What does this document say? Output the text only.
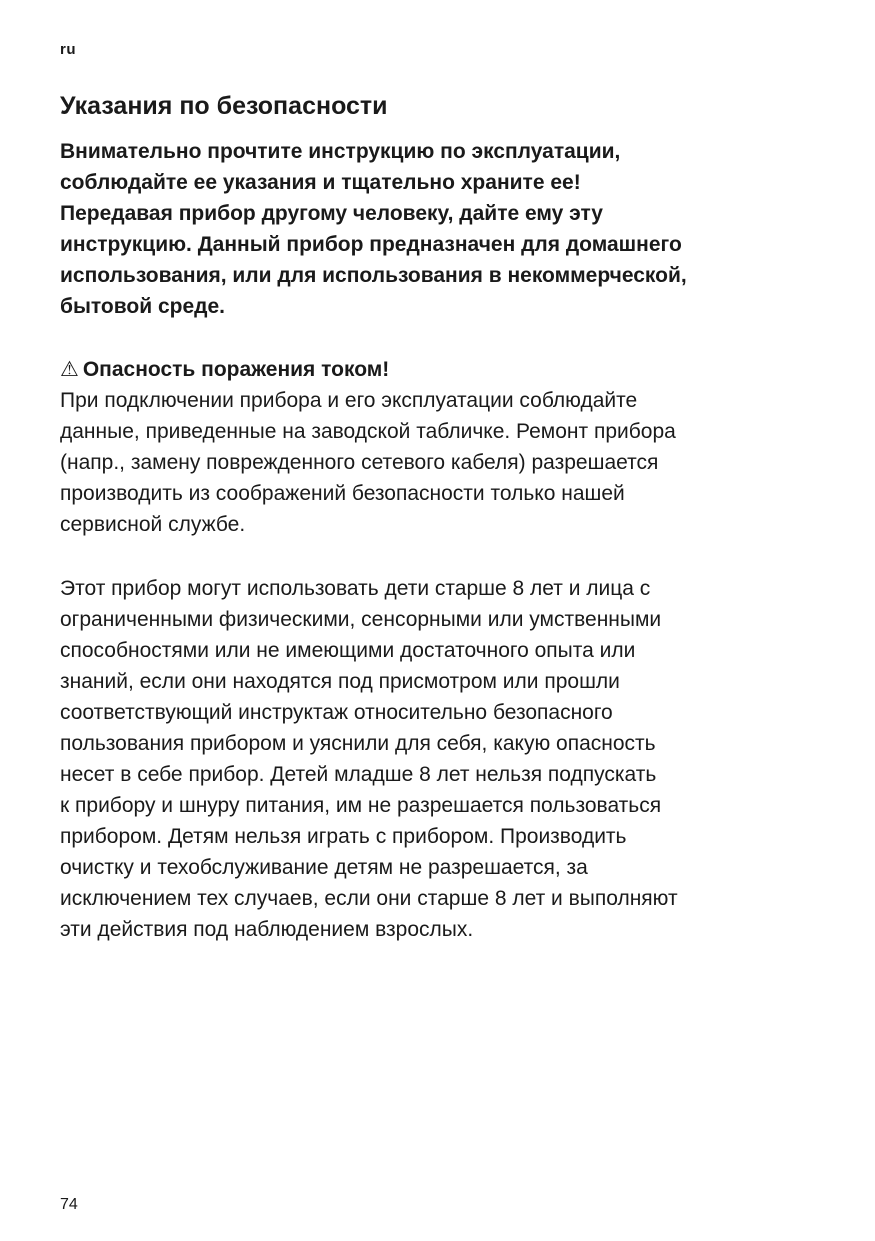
ru

Указания по безопасности

Внимательно прочтите инструкцию по эксплуатации,
соблюдайте ее указания и тщательно храните ее!
Передавая прибор другому человеку, дайте ему эту
инструкцию. Данный прибор предназначен для домашнего
использования, или для использования в некоммерческой,
бытовой среде.

⚠ Опасность поражения током!

При подключении прибора и его эксплуатации соблюдайте
данные, приведенные на заводской табличке. Ремонт прибора
(напр., замену поврежденного сетевого кабеля) разрешается
производить из соображений безопасности только нашей
сервисной службе.

Этот прибор могут использовать дети старше 8 лет и лица с
ограниченными физическими, сенсорными или умственными
способностями или не имеющими достаточного опыта или
знаний, если они находятся под присмотром или прошли
соответствующий инструктаж относительно безопасного
пользования прибором и уяснили для себя, какую опасность
несет в себе прибор. Детей младше 8 лет нельзя подпускать
к прибору и шнуру питания, им не разрешается пользоваться
прибором. Детям нельзя играть с прибором. Производить
очистку и техобслуживание детям не разрешается, за
исключением тех случаев, если они старше 8 лет и выполняют
эти действия под наблюдением взрослых.

74
